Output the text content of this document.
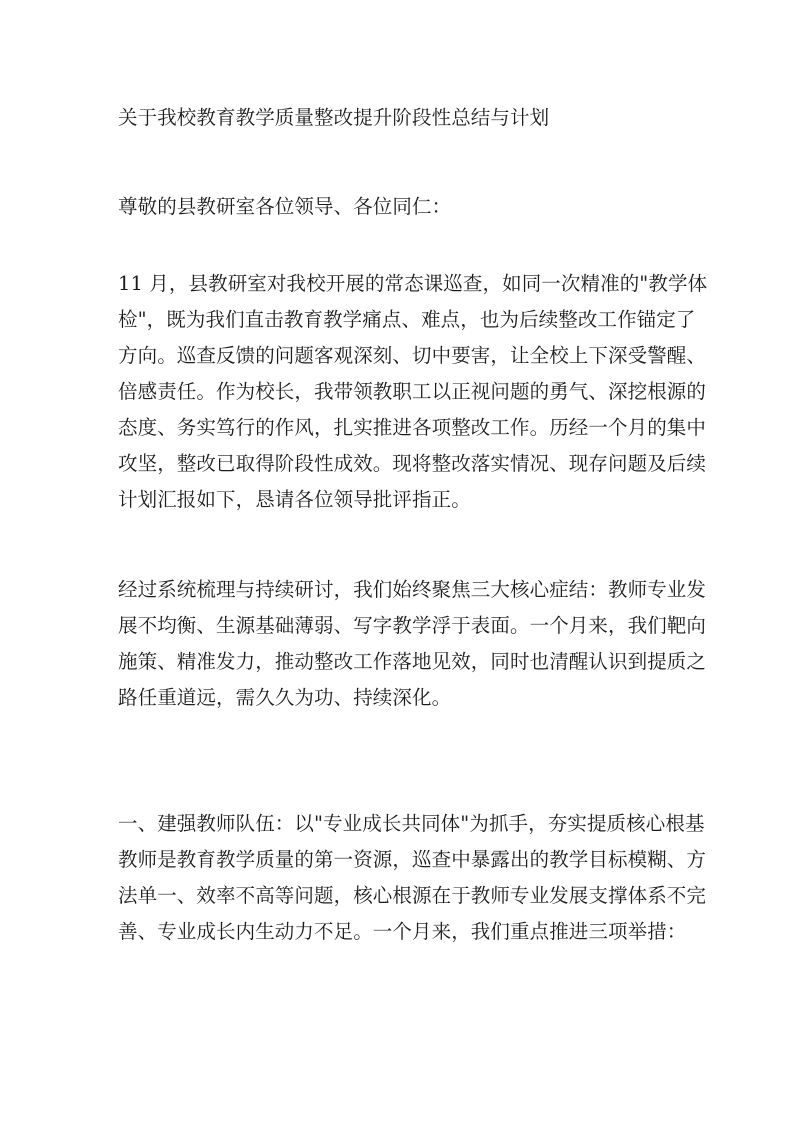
关于我校教育教学质量整改提升阶段性总结与计划
尊敬的县教研室各位领导、各位同仁：
11 月，县教研室对我校开展的常态课巡查，如同一次精准的"教学体
检"，既为我们直击教育教学痛点、难点，也为后续整改工作锚定了
方向。巡查反馈的问题客观深刻、切中要害，让全校上下深受警醒、
倍感责任。作为校长，我带领教职工以正视问题的勇气、深挖根源的
态度、务实笃行的作风，扎实推进各项整改工作。历经一个月的集中
攻坚，整改已取得阶段性成效。现将整改落实情况、现存问题及后续
计划汇报如下，恳请各位领导批评指正。
经过系统梳理与持续研讨，我们始终聚焦三大核心症结：教师专业发
展不均衡、生源基础薄弱、写字教学浮于表面。一个月来，我们靶向
施策、精准发力，推动整改工作落地见效，同时也清醒认识到提质之
路任重道远，需久久为功、持续深化。
一、建强教师队伍：以"专业成长共同体"为抓手，夯实提质核心根基
教师是教育教学质量的第一资源，巡查中暴露出的教学目标模糊、方
法单一、效率不高等问题，核心根源在于教师专业发展支撑体系不完
善、专业成长内生动力不足。一个月来，我们重点推进三项举措：
